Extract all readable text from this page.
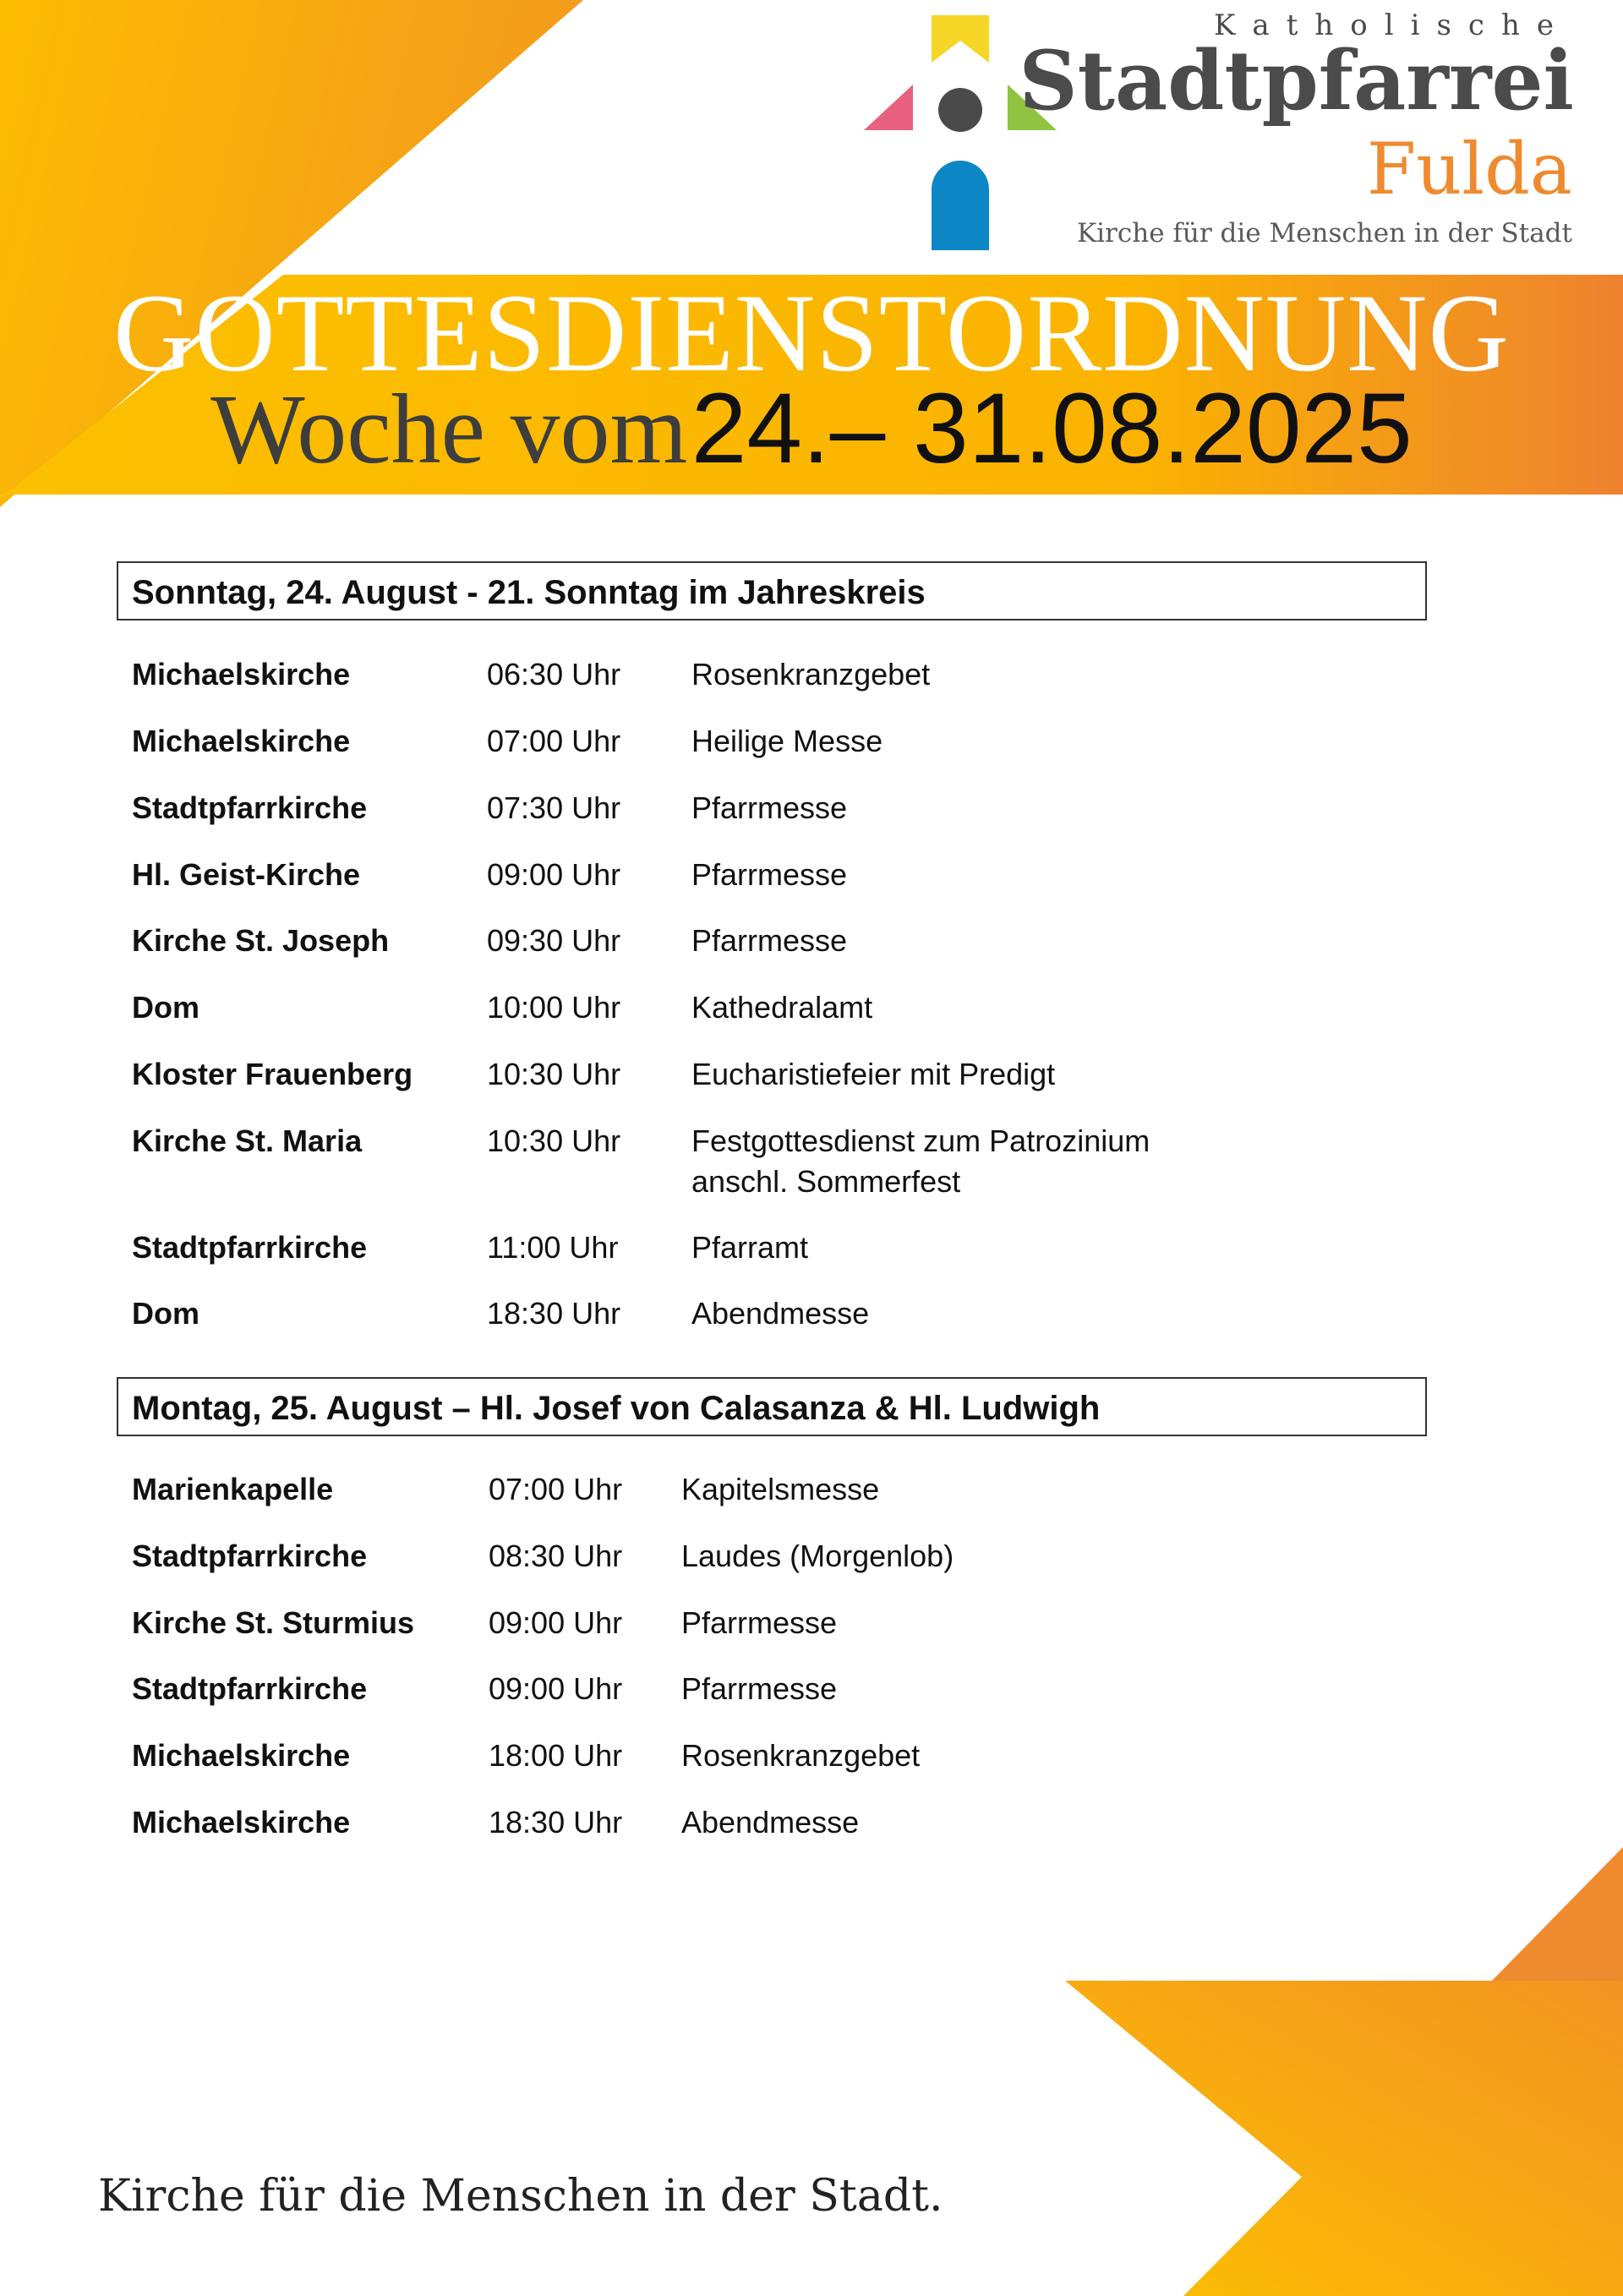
Katholische
Stadtpfarrei
Fulda
Kirche für die Menschen in der Stadt
GOTTESDIENSTORDNUNG
Woche vom 24.– 31.08.2025
Sonntag, 24. August - 21. Sonntag im Jahreskreis
Michaelskirche	06:30 Uhr Rosenkranzgebet
Michaelskirche	07:00 Uhr Heilige Messe
Stadtpfarrkirche	07:30 Uhr Pfarrmesse
Hl. Geist-Kirche	09:00 Uhr Pfarrmesse
Kirche St. Joseph	09:30 Uhr Pfarrmesse
Dom	10:00 Uhr Kathedralamt
Kloster Frauenberg 10:30 Uhr Eucharistiefeier mit Predigt
Kirche St. Maria	10:30 Uhr Festgottesdienst zum Patrozinium
anschl. Sommerfest
Stadtpfarrkirche	11:00 Uhr Pfarramt
Dom	18:30 Uhr Abendmesse
Montag, 25. August – Hl. Josef von Calasanza & Hl. Ludwigh
Marienkapelle	07:00 Uhr Kapitelsmesse
Stadtpfarrkirche	08:30 Uhr Laudes (Morgenlob)
Kirche St. Sturmius 09:00 Uhr Pfarrmesse
Stadtpfarrkirche	09:00 Uhr Pfarrmesse
Michaelskirche	18:00 Uhr Rosenkranzgebet
Michaelskirche	18:30 Uhr Abendmesse
Kirche für die Menschen in der Stadt.
